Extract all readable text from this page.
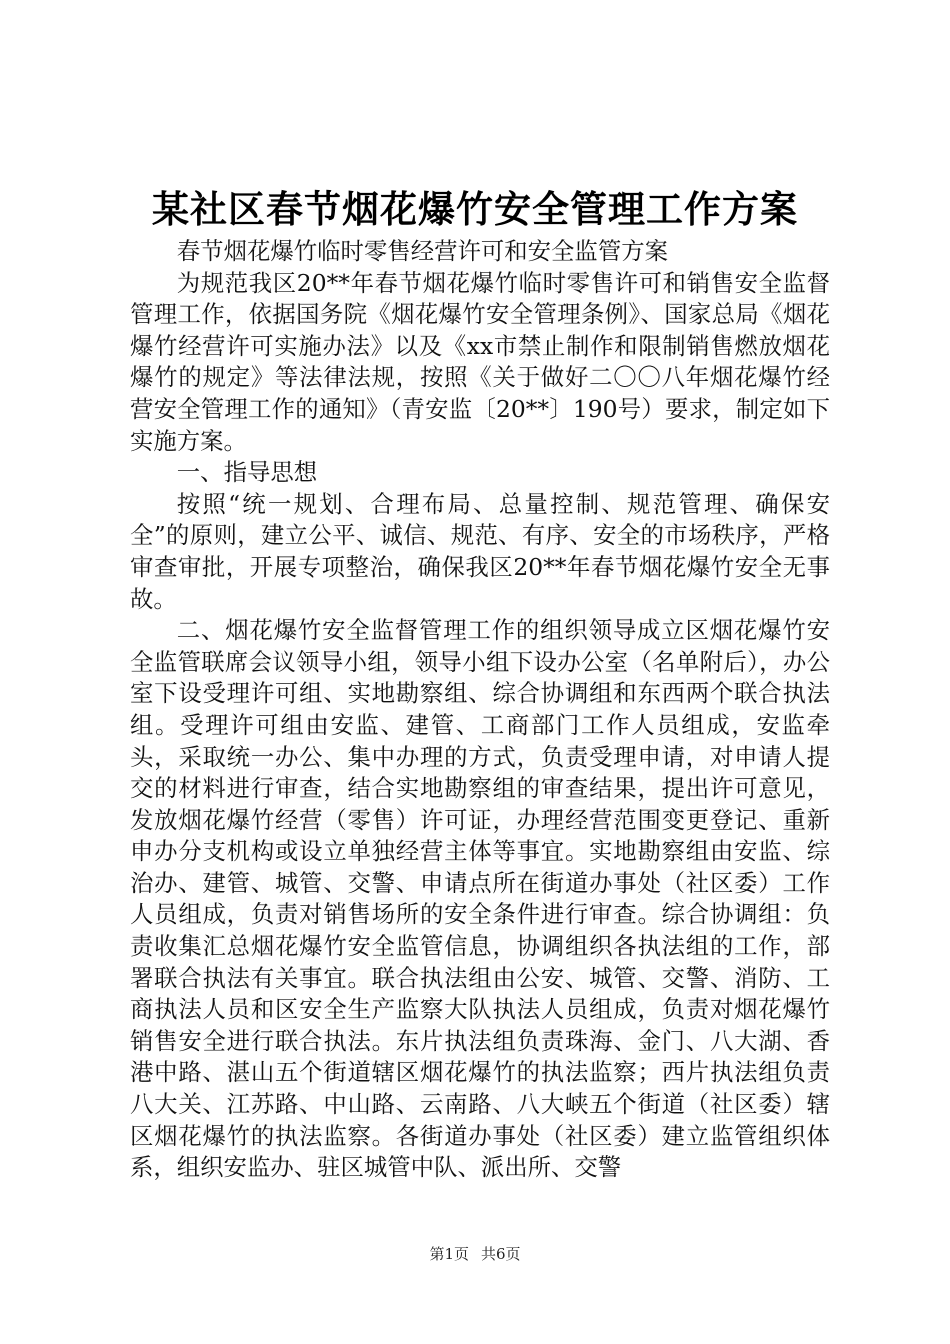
某社区春节烟花爆竹安全管理工作方案

春节烟花爆竹临时零售经营许可和安全监管方案

为规范我区20**年春节烟花爆竹临时零售许可和销售安全监督管理工作，依据国务院《烟花爆竹安全管理条例》、国家总局《烟花爆竹经营许可实施办法》以及《xx市禁止制作和限制销售燃放烟花爆竹的规定》等法律法规，按照《关于做好二〇〇八年烟花爆竹经营安全管理工作的通知》（青安监〔20**〕190号）要求，制定如下实施方案。

一、指导思想

按照“统一规划、合理布局、总量控制、规范管理、确保安全”的原则，建立公平、诚信、规范、有序、安全的市场秩序，严格审查审批，开展专项整治，确保我区20**年春节烟花爆竹安全无事故。

二、烟花爆竹安全监督管理工作的组织领导成立区烟花爆竹安全监管联席会议领导小组，领导小组下设办公室（名单附后），办公室下设受理许可组、实地勘察组、综合协调组和东西两个联合执法组。受理许可组由安监、建管、工商部门工作人员组成，安监牵头，采取统一办公、集中办理的方式，负责受理申请，对申请人提交的材料进行审查，结合实地勘察组的审查结果，提出许可意见，发放烟花爆竹经营（零售）许可证，办理经营范围变更登记、重新申办分支机构或设立单独经营主体等事宜。实地勘察组由安监、综治办、建管、城管、交警、申请点所在街道办事处（社区委）工作人员组成，负责对销售场所的安全条件进行审查。综合协调组：负责收集汇总烟花爆竹安全监管信息，协调组织各执法组的工作，部署联合执法有关事宜。联合执法组由公安、城管、交警、消防、工商执法人员和区安全生产监察大队执法人员组成，负责对烟花爆竹销售安全进行联合执法。东片执法组负责珠海、金门、八大湖、香港中路、湛山五个街道辖区烟花爆竹的执法监察；西片执法组负责八大关、江苏路、中山路、云南路、八大峡五个街道（社区委）辖区烟花爆竹的执法监察。各街道办事处（社区委）建立监管组织体系，组织安监办、驻区城管中队、派出所、交警

第1页 共6页
